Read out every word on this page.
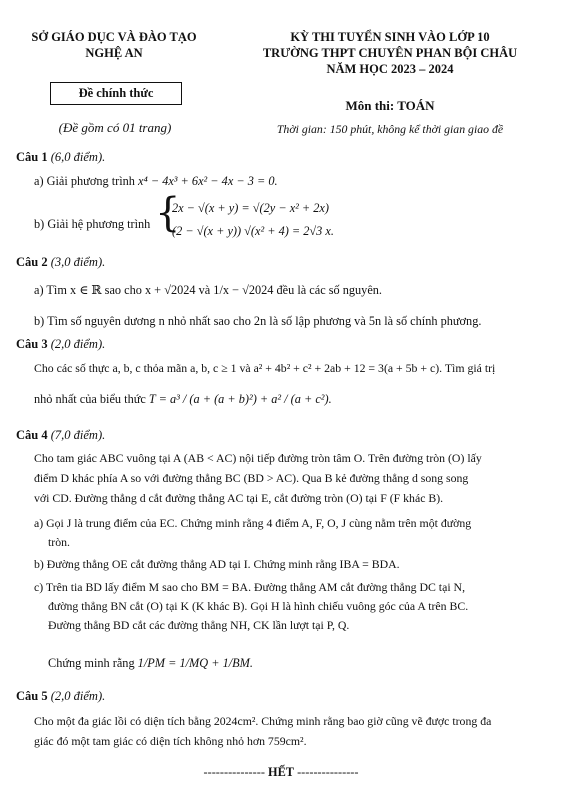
SỞ GIÁO DỤC VÀ ĐÀO TẠO
NGHỆ AN
Đề chính thức
(Đề gồm có 01 trang)
KỲ THI TUYỂN SINH VÀO LỚP 10
TRƯỜNG THPT CHUYÊN PHAN BỘI CHÂU
NĂM HỌC 2023 – 2024
Môn thi: TOÁN
Thời gian: 150 phút, không kể thời gian giao đề
Câu 1 (6,0 điểm).
a) Giải phương trình x⁴ − 4x³ + 6x² − 4x − 3 = 0.
b) Giải hệ phương trình {
2x − √(x + y) = √(2y − x² + 2x)
(2 − √(x + y)) √(x² + 4) = 2√3 x.
Câu 2 (3,0 điểm).
a) Tìm x ∈ ℝ sao cho x + √2024 và 1/x − √2024 đều là các số nguyên.
b) Tìm số nguyên dương n nhỏ nhất sao cho 2n là số lập phương và 5n là số chính phương.
Câu 3 (2,0 điểm).
Cho các số thực a, b, c thỏa mãn a, b, c ≥ 1 và a² + 4b² + c² + 2ab + 12 = 3(a + 5b + c). Tìm giá trị
nhỏ nhất của biểu thức T = a³ / (a + (a + b)²) + a² / (a + c²).
Câu 4 (7,0 điểm).
Cho tam giác ABC vuông tại A (AB < AC) nội tiếp đường tròn tâm O. Trên đường tròn (O) lấy
điểm D khác phía A so với đường thẳng BC (BD > AC). Qua B kẻ đường thẳng d song song
với CD. Đường thẳng d cắt đường thẳng AC tại E, cắt đường tròn (O) tại F (F khác B).
a) Gọi J là trung điểm của EC. Chứng minh rằng 4 điểm A, F, O, J cùng nằm trên một đường
tròn.
b) Đường thẳng OE cắt đường thẳng AD tại I. Chứng minh rằng IBA = BDA.
c) Trên tia BD lấy điểm M sao cho BM = BA. Đường thẳng AM cắt đường thẳng DC tại N,
đường thẳng BN cắt (O) tại K (K khác B). Gọi H là hình chiếu vuông góc của A trên BC.
Đường thẳng BD cắt các đường thẳng NH, CK lần lượt tại P, Q.
Chứng minh rằng 1/PM = 1/MQ + 1/BM.
Câu 5 (2,0 điểm).
Cho một đa giác lồi có diện tích bằng 2024cm². Chứng minh rằng bao giờ cũng vẽ được trong đa
giác đó một tam giác có diện tích không nhỏ hơn 759cm².
--------------- HẾT ---------------
